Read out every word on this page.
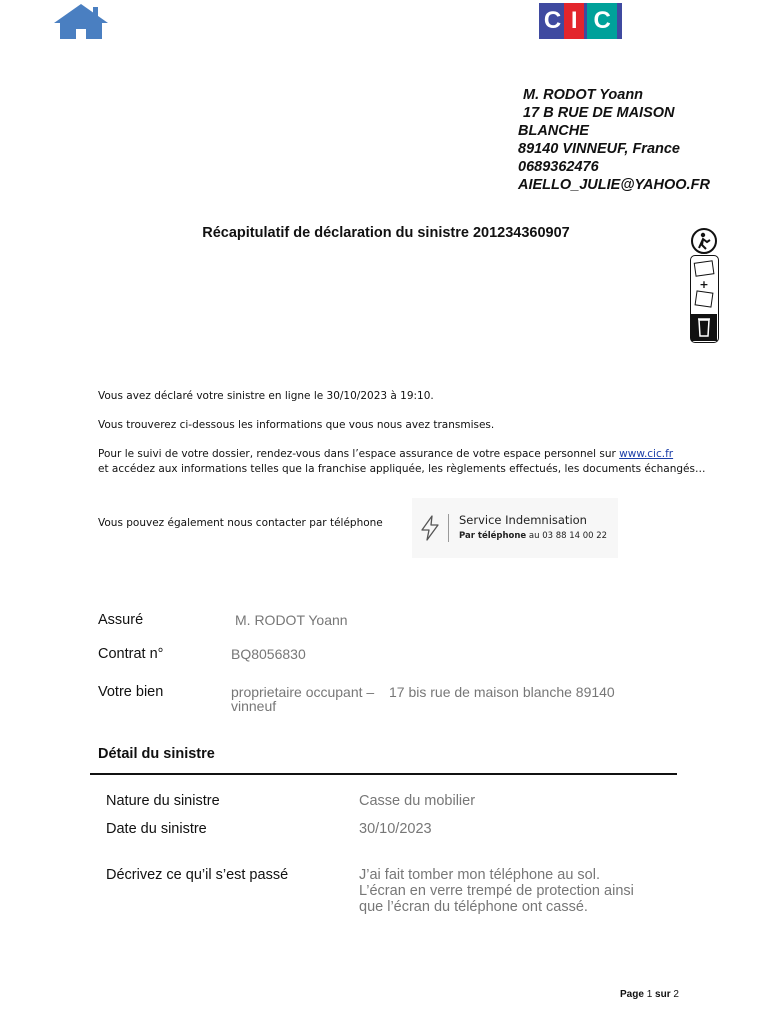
C I C
M. RODOT Yoann
17 B RUE DE MAISON
BLANCHE
89140 VINNEUF, France
0689362476
AIELLO_JULIE@YAHOO.FR
Récapitulatif de déclaration du sinistre 201234360907
+
Vous avez déclaré votre sinistre en ligne le 30/10/2023 à 19:10.
Vous trouverez ci-dessous les informations que vous nous avez transmises.
Pour le suivi de votre dossier, rendez-vous dans l’espace assurance de votre espace personnel sur www.cic.fr
et accédez aux informations telles que la franchise appliquée, les règlements effectués, les documents échangés…
Vous pouvez également nous contacter par téléphone	Service Indemnisation
Par téléphone au 03 88 14 00 22
Assuré	M. RODOT Yoann
Contrat n°	BQ8056830
Votre bien	proprietaire occupant – 17 bis rue de maison blanche 89140
vinneuf
Détail du sinistre
Nature du sinistre	Casse du mobilier
Date du sinistre	30/10/2023
Décrivez ce qu’il s’est passé	J’ai fait tomber mon téléphone au sol.
L’écran en verre trempé de protection ainsi
que l’écran du téléphone ont cassé.
Page 1 sur 2
